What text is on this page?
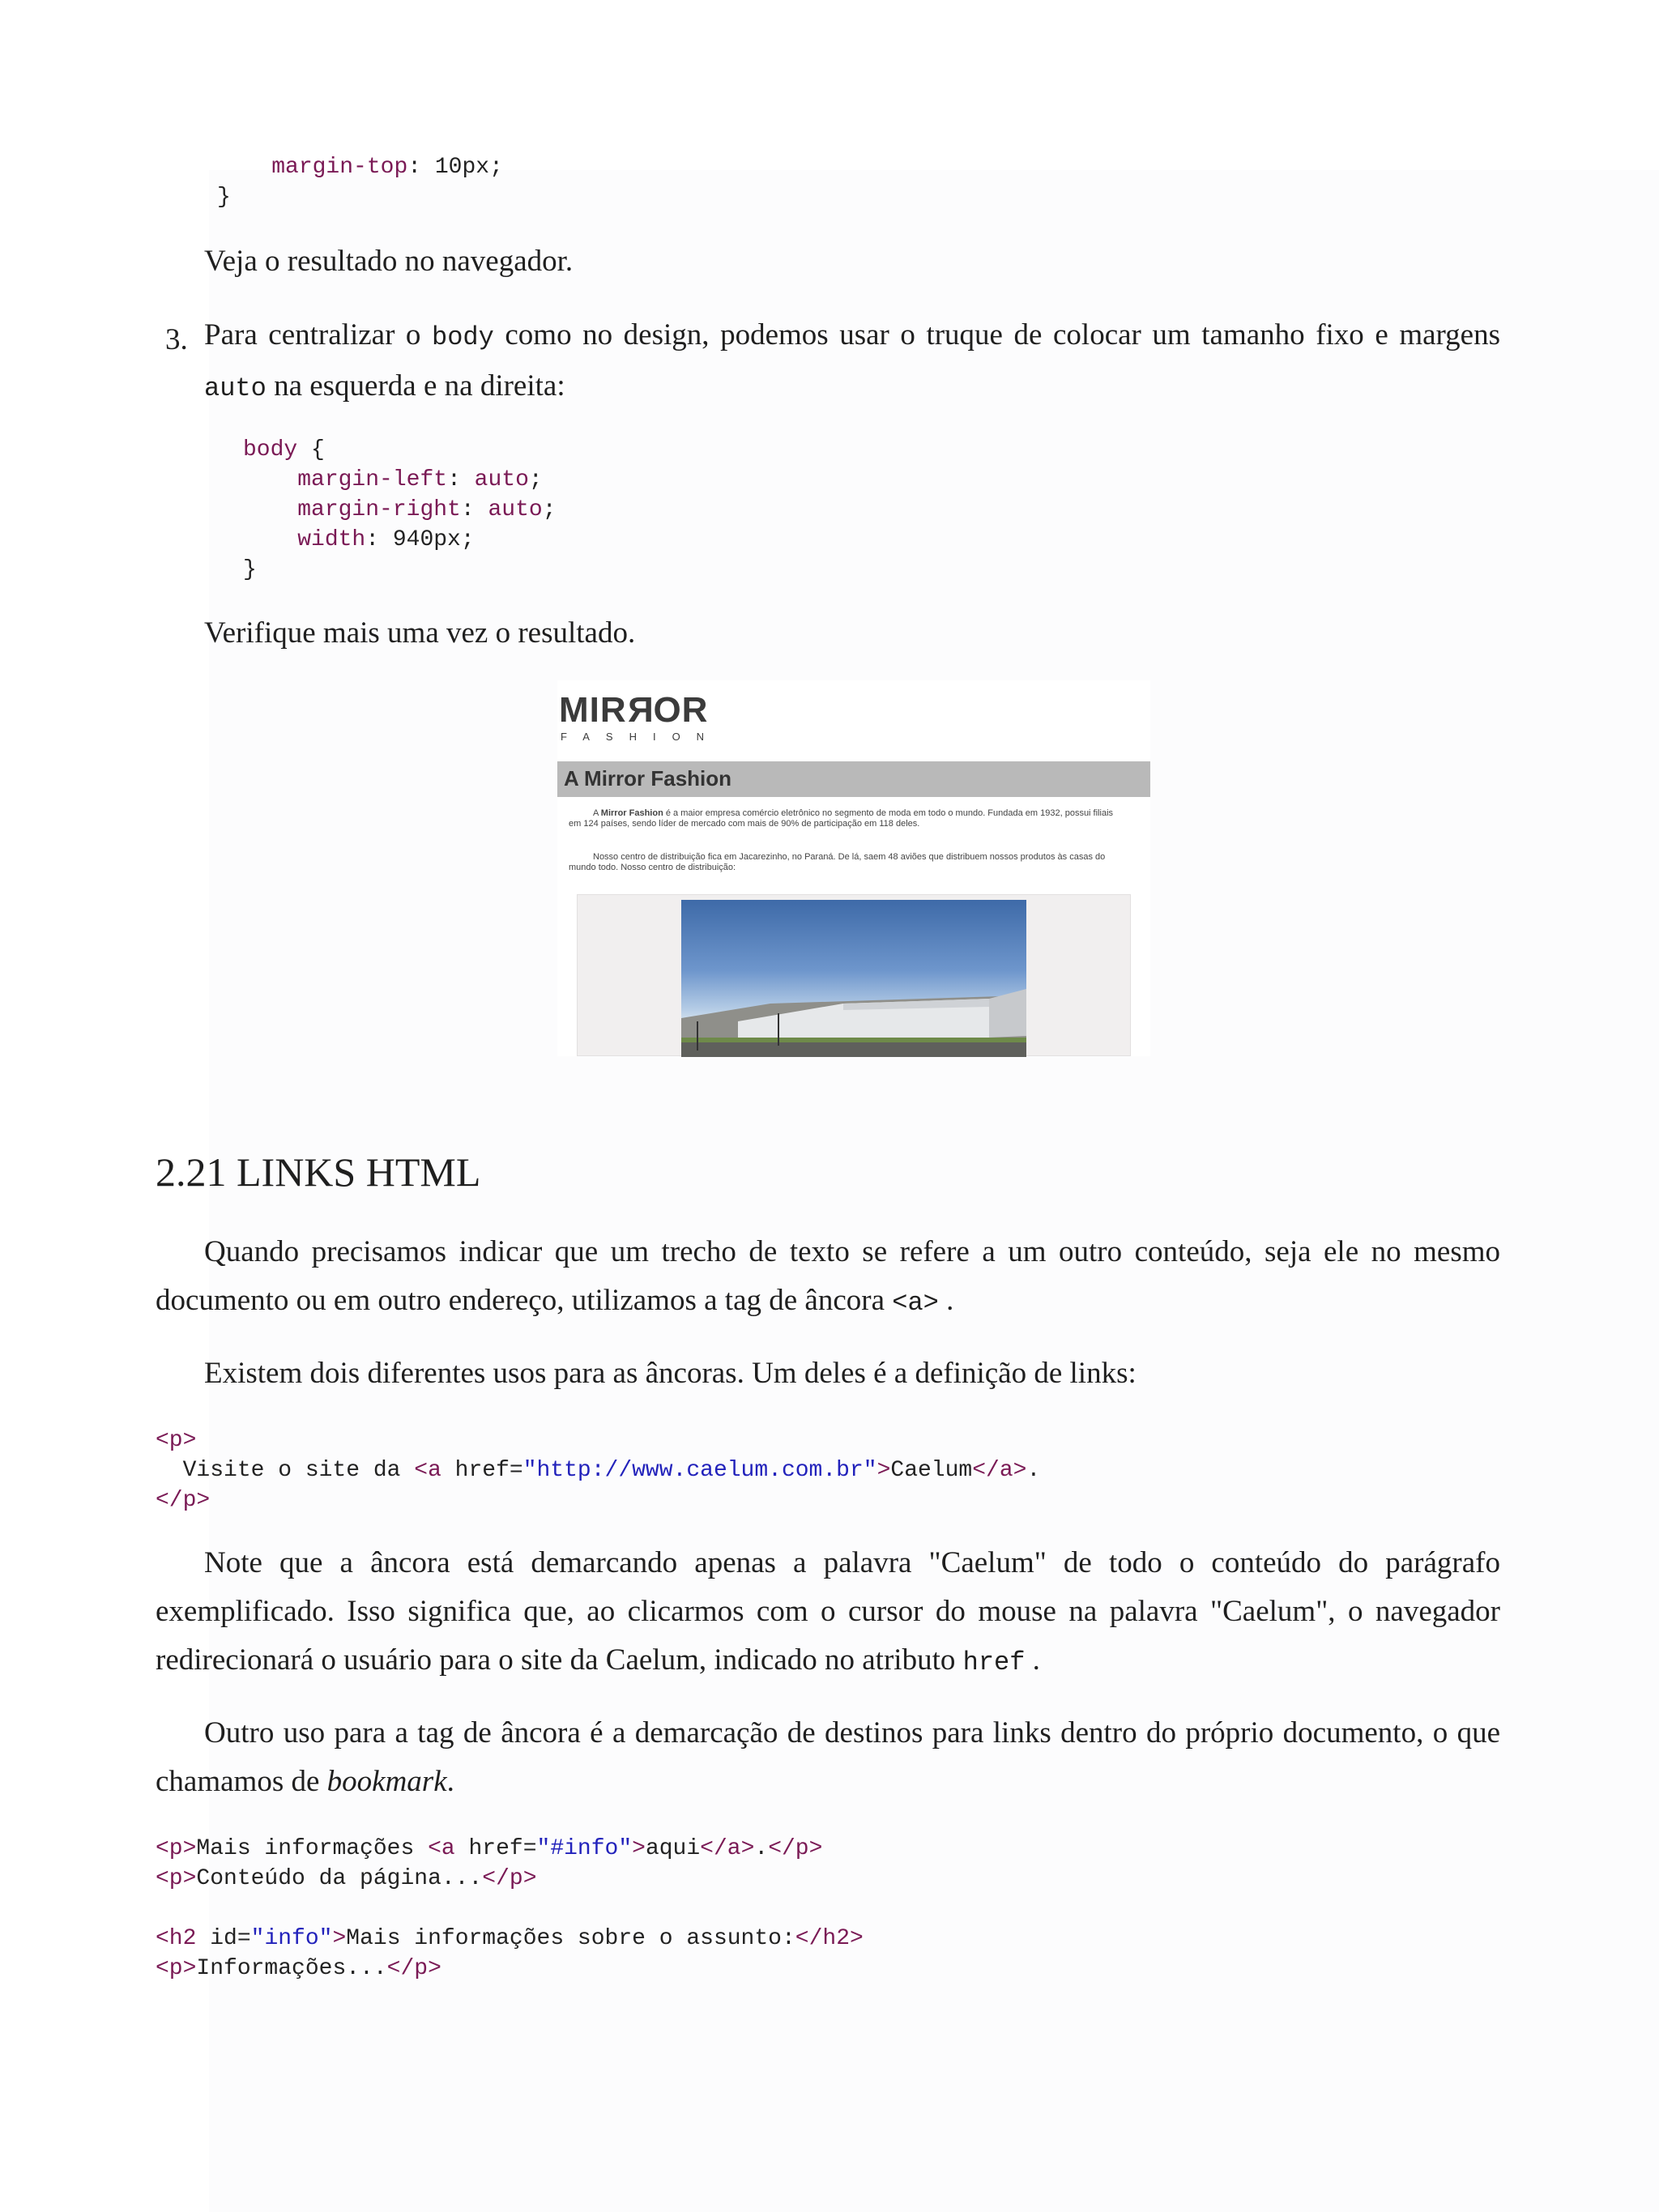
margin-top: 10px;
}

Veja o resultado no navegador.

3. Para centralizar o body como no design, podemos usar o truque de colocar um tamanho fixo e margens auto na esquerda e na direita:

body {
margin-left: auto;
margin-right: auto;
width: 940px;
}

Verifique mais uma vez o resultado.

MIRROR
FASHION
A Mirror Fashion

A Mirror Fashion é a maior empresa comércio eletrônico no segmento de moda em todo o mundo. Fundada em 1932, possui filiais em 124 países, sendo líder de mercado com mais de 90% de participação em 118 deles.

Nosso centro de distribuição fica em Jacarezinho, no Paraná. De lá, saem 48 aviões que distribuem nossos produtos às casas do mundo todo. Nosso centro de distribuição:

2.21 LINKS HTML

Quando precisamos indicar que um trecho de texto se refere a um outro conteúdo, seja ele no mesmo documento ou em outro endereço, utilizamos a tag de âncora <a> .

Existem dois diferentes usos para as âncoras. Um deles é a definição de links:

<p>
Visite o site da <a href="http://www.caelum.com.br">Caelum</a>.
</p>

Note que a âncora está demarcando apenas a palavra "Caelum" de todo o conteúdo do parágrafo exemplificado. Isso significa que, ao clicarmos com o cursor do mouse na palavra "Caelum", o navegador redirecionará o usuário para o site da Caelum, indicado no atributo href .

Outro uso para a tag de âncora é a demarcação de destinos para links dentro do próprio documento, o que chamamos de bookmark.

<p>Mais informações <a href="#info">aqui</a>.</p>
<p>Conteúdo da página...</p>

<h2 id="info">Mais informações sobre o assunto:</h2>
<p>Informações...</p>
